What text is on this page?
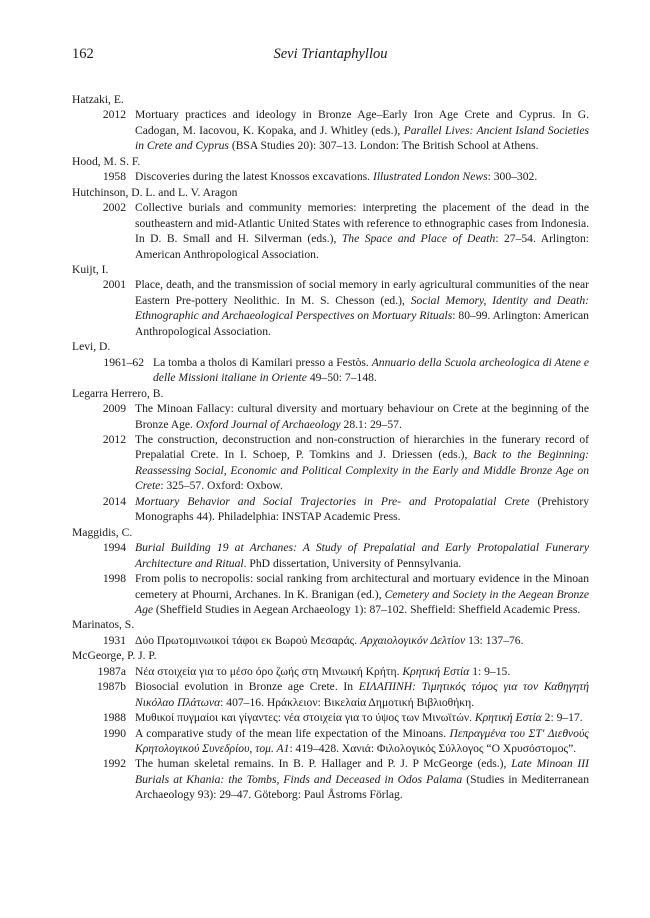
162	Sevi Triantaphyllou
Hatzaki, E.
2012 Mortuary practices and ideology in Bronze Age–Early Iron Age Crete and Cyprus. In G. Cadogan, M. Iacovou, K. Kopaka, and J. Whitley (eds.), Parallel Lives: Ancient Island Societies in Crete and Cyprus (BSA Studies 20): 307–13. London: The British School at Athens.
Hood, M. S. F.
1958 Discoveries during the latest Knossos excavations. Illustrated London News: 300–302.
Hutchinson, D. L. and L. V. Aragon
2002 Collective burials and community memories: interpreting the placement of the dead in the southeastern and mid-Atlantic United States with reference to ethnographic cases from Indonesia. In D. B. Small and H. Silverman (eds.), The Space and Place of Death: 27–54. Arlington: American Anthropological Association.
Kuijt, I.
2001 Place, death, and the transmission of social memory in early agricultural communities of the near Eastern Pre-pottery Neolithic. In M. S. Chesson (ed.), Social Memory, Identity and Death: Ethnographic and Archaeological Perspectives on Mortuary Rituals: 80–99. Arlington: American Anthropological Association.
Levi, D.
1961–62 La tomba a tholos di Kamilari presso a Festòs. Annuario della Scuola archeologica di Atene e delle Missioni italiane in Oriente 49–50: 7–148.
Legarra Herrero, B.
2009 The Minoan Fallacy: cultural diversity and mortuary behaviour on Crete at the beginning of the Bronze Age. Oxford Journal of Archaeology 28.1: 29–57.
2012 The construction, deconstruction and non-construction of hierarchies in the funerary record of Prepalatial Crete. In I. Schoep, P. Tomkins and J. Driessen (eds.), Back to the Beginning: Reassessing Social, Economic and Political Complexity in the Early and Middle Bronze Age on Crete: 325–57. Oxford: Oxbow.
2014 Mortuary Behavior and Social Trajectories in Pre- and Protopalatial Crete (Prehistory Monographs 44). Philadelphia: INSTAP Academic Press.
Maggidis, C.
1994 Burial Building 19 at Archanes: A Study of Prepalatial and Early Protopalatial Funerary Architecture and Ritual. PhD dissertation, University of Pennsylvania.
1998 From polis to necropolis: social ranking from architectural and mortuary evidence in the Minoan cemetery at Phourni, Archanes. In K. Branigan (ed.), Cemetery and Society in the Aegean Bronze Age (Sheffield Studies in Aegean Archaeology 1): 87–102. Sheffield: Sheffield Academic Press.
Marinatos, S.
1931 Δύο Πρωτομινωικοί τάφοι εκ Βωρού Μεσαράς. Αρχαιολογικόν Δελτίον 13: 137–76.
McGeorge, P. J. P.
1987a Νέα στοιχεία για το μέσο όρο ζωής στη Μινωική Κρήτη. Κρητική Εστία 1: 9–15.
1987b Biosocial evolution in Bronze age Crete. In ΕΙΛΑΠΙΝΗ: Τιμητικός τόμος για τον Καθηγητή Νικόλαο Πλάτωνα: 407–16. Ηράκλειον: Βικελαία Δημοτική Βιβλιοθήκη.
1988 Μυθικοί πυγμαίοι και γίγαντες: νέα στοιχεία για το ύψος των Μινωϊτών. Κρητική Εστία 2: 9–17.
1990 A comparative study of the mean life expectation of the Minoans. Πεπραγμένα του ΣΤ' Διεθνούς Κρητολογικού Συνεδρίου, τομ. Α1: 419–428. Χανιά: Φιλολογικός Σύλλογος “Ο Χρυσόστομος”.
1992 The human skeletal remains. In B. P. Hallager and P. J. P McGeorge (eds.), Late Minoan III Burials at Khania: the Tombs, Finds and Deceased in Odos Palama (Studies in Mediterranean Archaeology 93): 29–47. Göteborg: Paul Åstroms Förlag.
